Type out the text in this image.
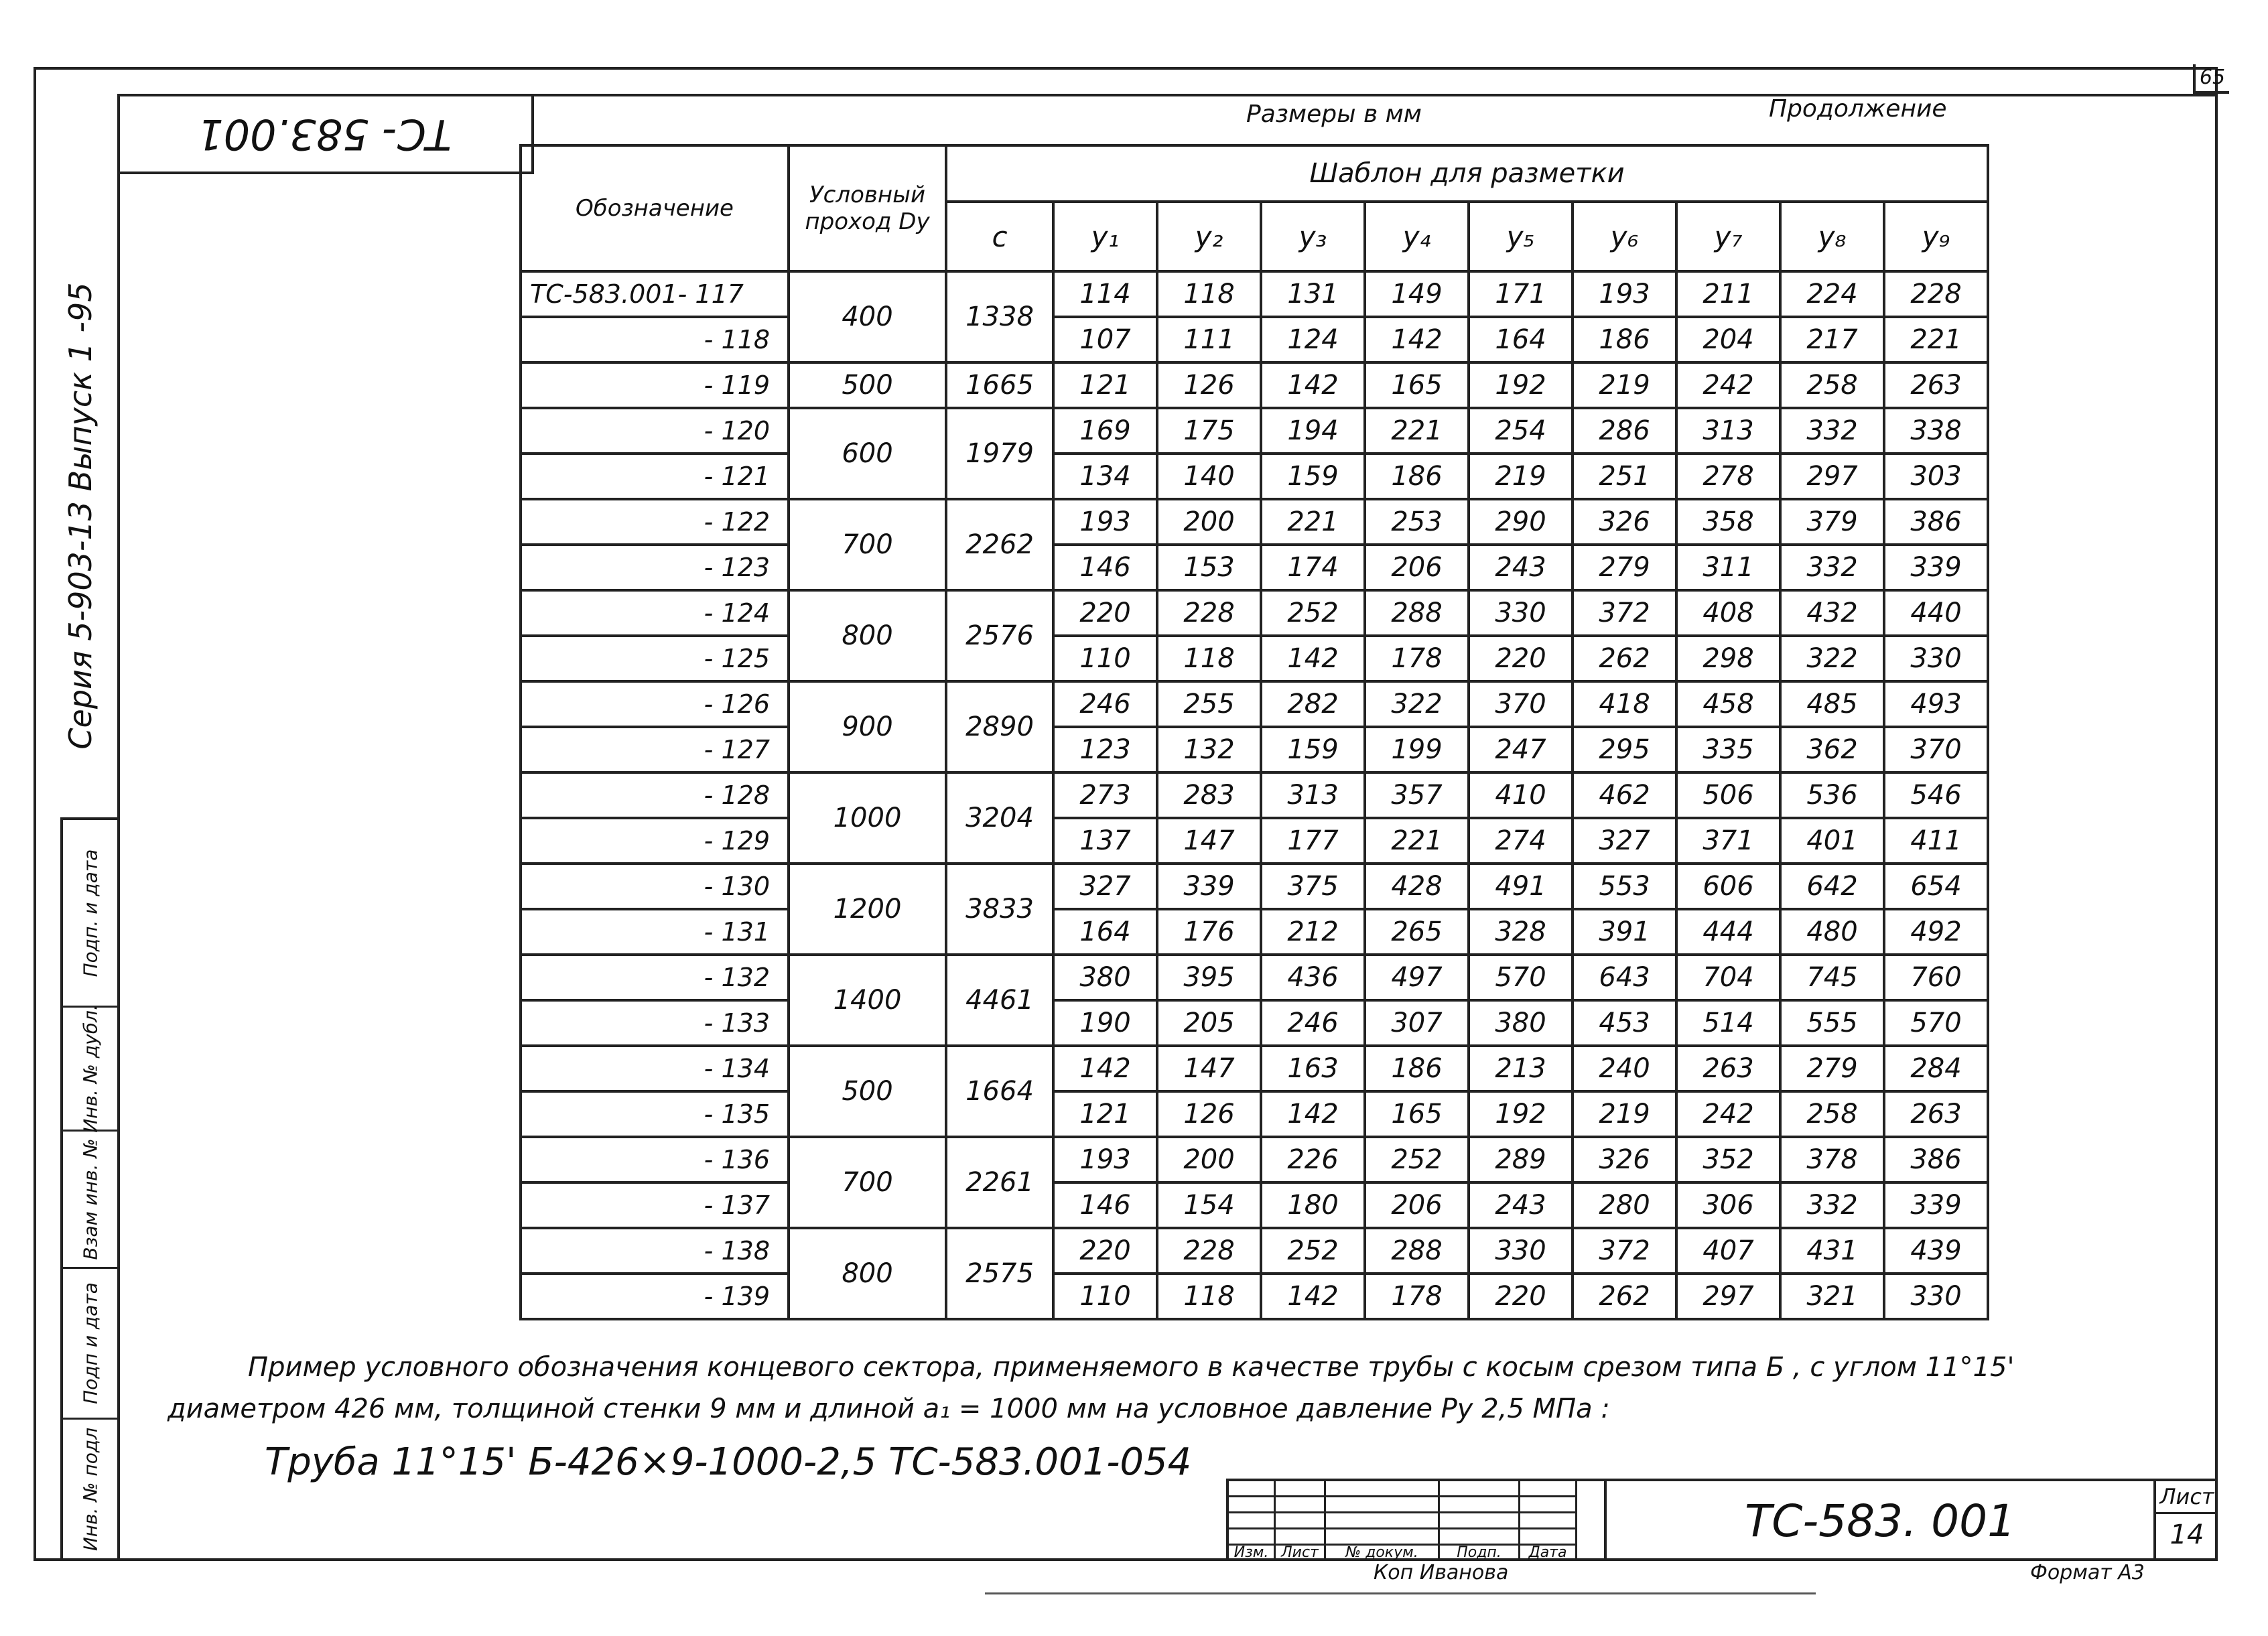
65
ТС- 583.001
Серия 5-903-13 Выпуск 1 -95
Подп. и дата
Инв. № дубл.
Взам инв. №
Подп и дата
Инв. № подл
Размеры в мм	Продолжение
Обозначение	Условный проход Dу	Шаблон для разметки									
		с	у₁	у₂	у₃	у₄	у₅	у₆	у₇	у₈	у₉
ТС-583.001- 117	400	1338	114	118	131	149	171	193	211	224	228
- 118			107	111	124	142	164	186	204	217	221
- 119	500	1665	121	126	142	165	192	219	242	258	263
- 120	600	1979	169	175	194	221	254	286	313	332	338
- 121			134	140	159	186	219	251	278	297	303
- 122	700	2262	193	200	221	253	290	326	358	379	386
- 123			146	153	174	206	243	279	311	332	339
- 124	800	2576	220	228	252	288	330	372	408	432	440
- 125			110	118	142	178	220	262	298	322	330
- 126	900	2890	246	255	282	322	370	418	458	485	493
- 127			123	132	159	199	247	295	335	362	370
- 128	1000	3204	273	283	313	357	410	462	506	536	546
- 129			137	147	177	221	274	327	371	401	411
- 130	1200	3833	327	339	375	428	491	553	606	642	654
- 131			164	176	212	265	328	391	444	480	492
- 132	1400	4461	380	395	436	497	570	643	704	745	760
- 133			190	205	246	307	380	453	514	555	570
- 134	500	1664	142	147	163	186	213	240	263	279	284
- 135			121	126	142	165	192	219	242	258	263
- 136	700	2261	193	200	226	252	289	326	352	378	386
- 137			146	154	180	206	243	280	306	332	339
- 138	800	2575	220	228	252	288	330	372	407	431	439
- 139			110	118	142	178	220	262	297	321	330
Пример условного обозначения концевого сектора, применяемого в качестве трубы с косым срезом типа Б , с углом 11°15'
диаметром 426 мм, толщиной стенки 9 мм и длиной а₁ = 1000 мм на условное давление Ру 2,5 МПа :
Труба 11°15' Б-426×9-1000-2,5 ТС-583.001-054
Изм. Лист	№ докум.	Подп.	Дата
ТС-583. 001	Лист
14
Коп Иванова	Формат А3
